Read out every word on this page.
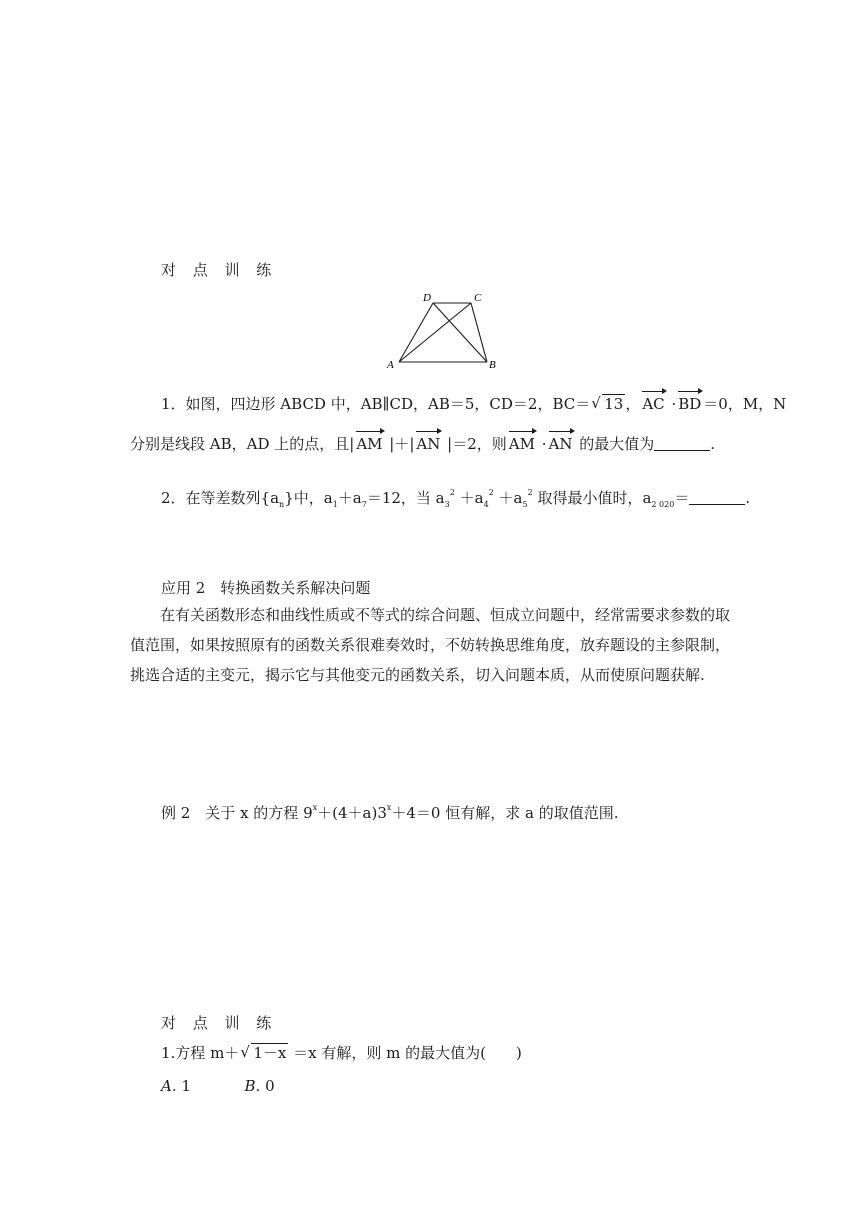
对 点 训 练
A	B
C
D
1．如图，四边形 ABCD 中，AB∥CD，AB＝5，CD＝2，BC＝ √ 13 ， AC · BD ＝0，M，N
分别是线段 AB，AD 上的点，且| AM |＋| AN |＝2，则 AM · AN 的最大值为	.
2．在等差数列$\{a_n\}$中，$a_1+a_7=12$，当 $a_3^2 +a_4^2 +a_5^2$ 取得最小值时，$a_{2 020}=$	.
应用 2　转换函数关系解决问题
在有关函数形态和曲线性质或不等式的综合问题、恒成立问题中，经常需要求参数的取值范围，如果按照原有的函数关系很难奏效时，不妨转换思维角度，放弃题设的主参限制，挑选合适的主变元，揭示它与其他变元的函数关系，切入问题本质，从而使原问题获解.
例 2　关于 x 的方程 $9^x+(4+a)3^x+4=0$ 恒有解，求 a 的取值范围.
对 点 训 练
1.方程 m＋ √ 1－x ＝x 有解，则 m 的最大值为(　　)
A. 1	B. 0
